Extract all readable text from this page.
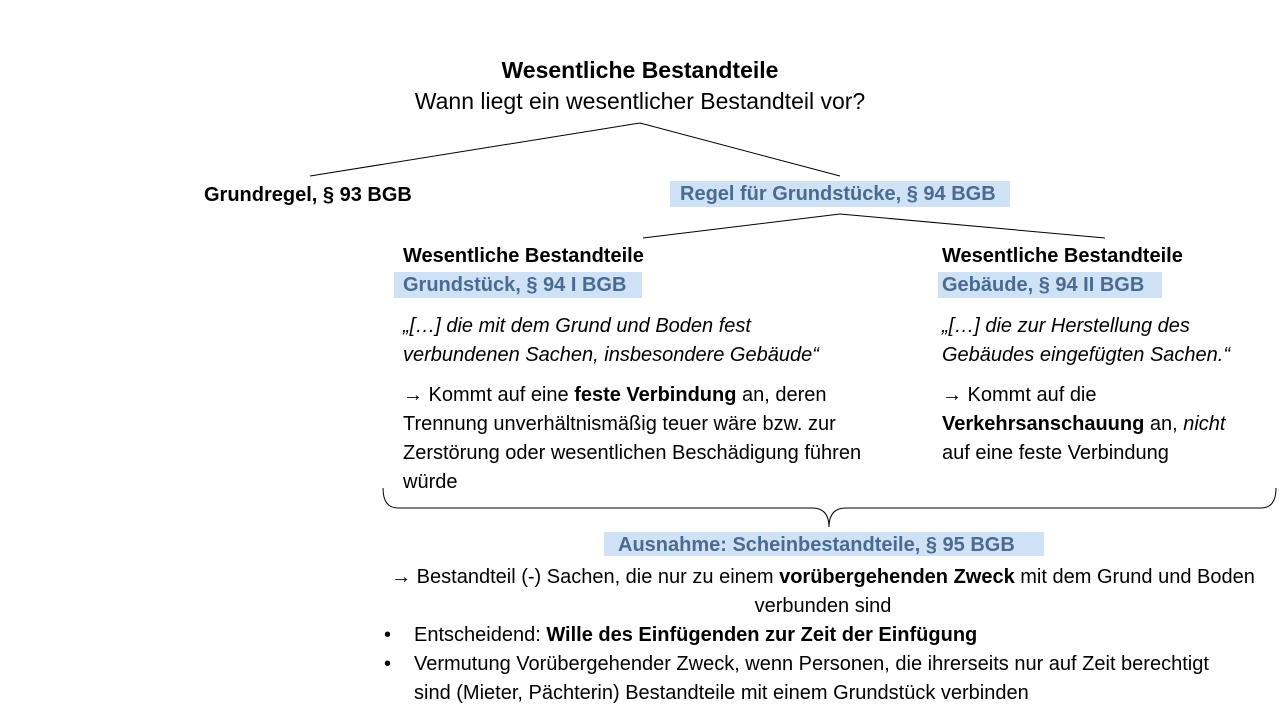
Wesentliche Bestandteile
Wann liegt ein wesentlicher Bestandteil vor?
Grundregel, § 93 BGB	Regel für Grundstücke, § 94 BGB
Wesentliche Bestandteile
Grundstück, § 94 I BGB
„[…] die mit dem Grund und Boden fest
verbundenen Sachen, insbesondere Gebäude“
→ Kommt auf eine feste Verbindung an, deren Trennung unverhältnismäßig teuer wäre bzw. zur Zerstörung oder wesentlichen Beschädigung führen würde
Wesentliche Bestandteile
Gebäude, § 94 II BGB
„[…] die zur Herstellung des
Gebäudes eingefügten Sachen.“
→ Kommt auf die Verkehrsanschauung an, nicht auf eine feste Verbindung
Ausnahme: Scheinbestandteile, § 95 BGB
→ Bestandteil (-) Sachen, die nur zu einem vorübergehenden Zweck mit dem Grund und Boden verbunden sind
• Entscheidend: Wille des Einfügenden zur Zeit der Einfügung
• Vermutung Vorübergehender Zweck, wenn Personen, die ihrerseits nur auf Zeit berechtigt sind (Mieter, Pächterin) Bestandteile mit einem Grundstück verbinden
